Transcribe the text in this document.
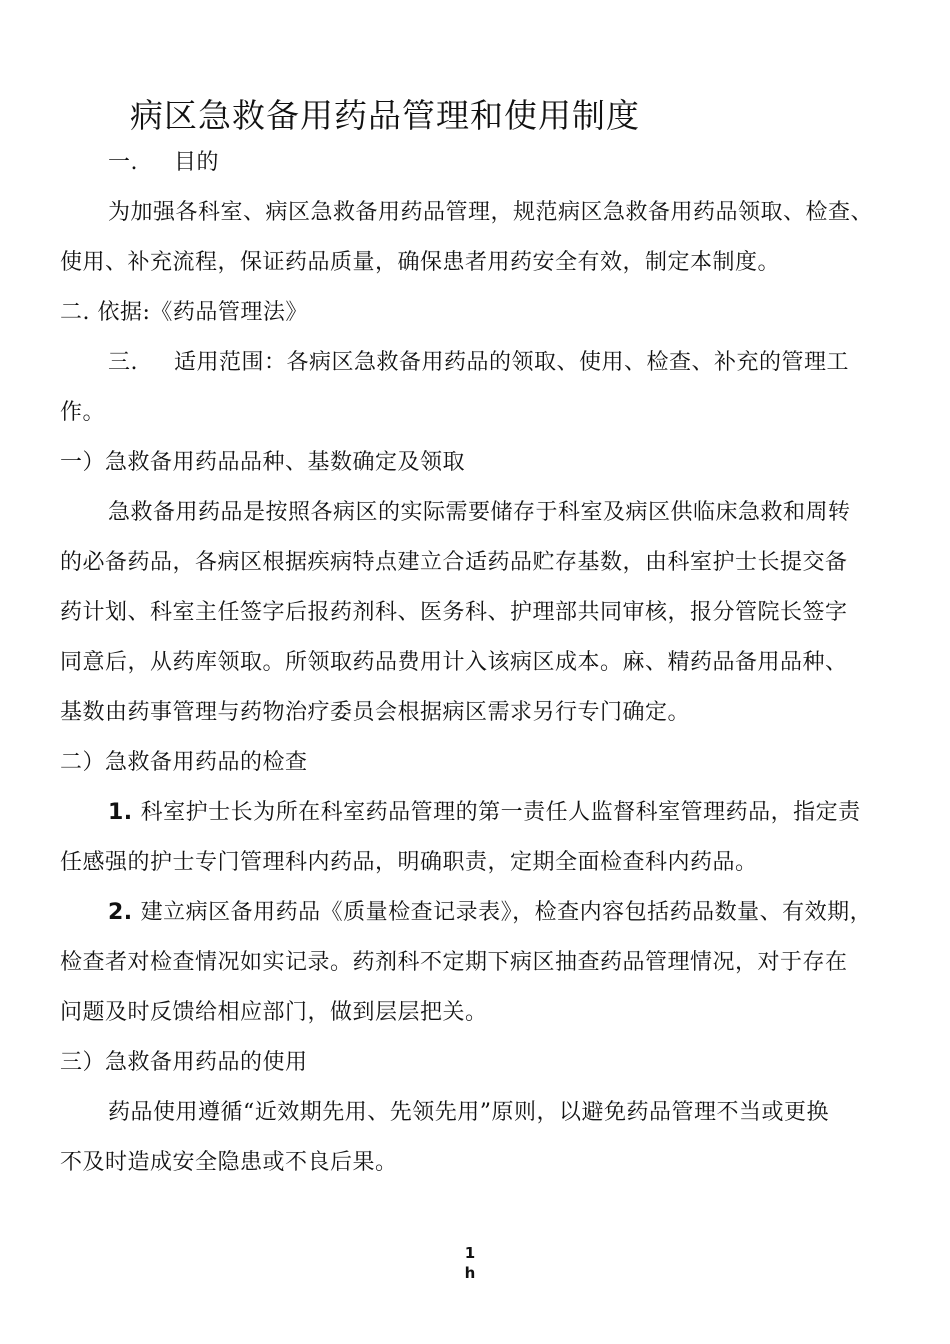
病区急救备用药品管理和使用制度
一. 目的
为加强各科室、病区急救备用药品管理，规范病区急救备用药品领取、检查、
使用、补充流程，保证药品质量，确保患者用药安全有效，制定本制度。
二. 依据:《药品管理法》
三. 适用范围：各病区急救备用药品的领取、使用、检查、补充的管理工
作。
一）急救备用药品品种、基数确定及领取
急救备用药品是按照各病区的实际需要储存于科室及病区供临床急救和周转
的必备药品，各病区根据疾病特点建立合适药品贮存基数，由科室护士长提交备
药计划、科室主任签字后报药剂科、医务科、护理部共同审核，报分管院长签字
同意后，从药库领取。所领取药品费用计入该病区成本。麻、精药品备用品种、
基数由药事管理与药物治疗委员会根据病区需求另行专门确定。
二）急救备用药品的检查
1. 科室护士长为所在科室药品管理的第一责任人监督科室管理药品，指定责
任感强的护士专门管理科内药品，明确职责，定期全面检查科内药品。
2. 建立病区备用药品《质量检查记录表》，检查内容包括药品数量、有效期，
检查者对检查情况如实记录。药剂科不定期下病区抽查药品管理情况，对于存在
问题及时反馈给相应部门，做到层层把关。
三）急救备用药品的使用
药品使用遵循“近效期先用、先领先用”原则，以避免药品管理不当或更换
不及时造成安全隐患或不良后果。
1
h
